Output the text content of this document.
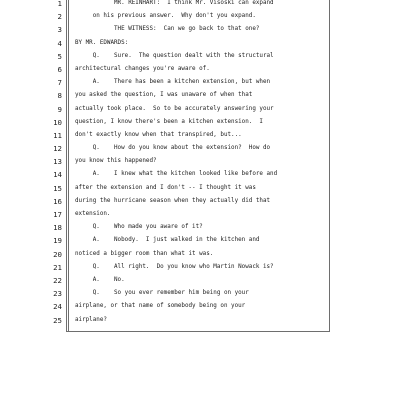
1 MR. REINHART:  I think Mr. Visoski can expand
2 on his previous answer.  Why don't you expand.
3 THE WITNESS:  Can we go back to that one?
4 BY MR. EDWARDS:
5 Q.    Sure.  The question dealt with the structural
6 architectural changes you're aware of.
7 A.    There has been a kitchen extension, but when
8 you asked the question, I was unaware of when that
9 actually took place.  So to be accurately answering your
10 question, I know there's been a kitchen extension.  I
11 don't exactly know when that transpired, but...
12 Q.    How do you know about the extension?  How do
13 you know this happened?
14 A.    I knew what the kitchen looked like before and
15 after the extension and I don't -- I thought it was
16 during the hurricane season when they actually did that
17 extension.
18 Q.    Who made you aware of it?
19 A.    Nobody.  I just walked in the kitchen and
20 noticed a bigger room than what it was.
21 Q.    All right.  Do you know who Martin Nowack is?
22 A.    No.
23 Q.    So you ever remember him being on your
24 airplane, or that name of somebody being on your
25 airplane?
